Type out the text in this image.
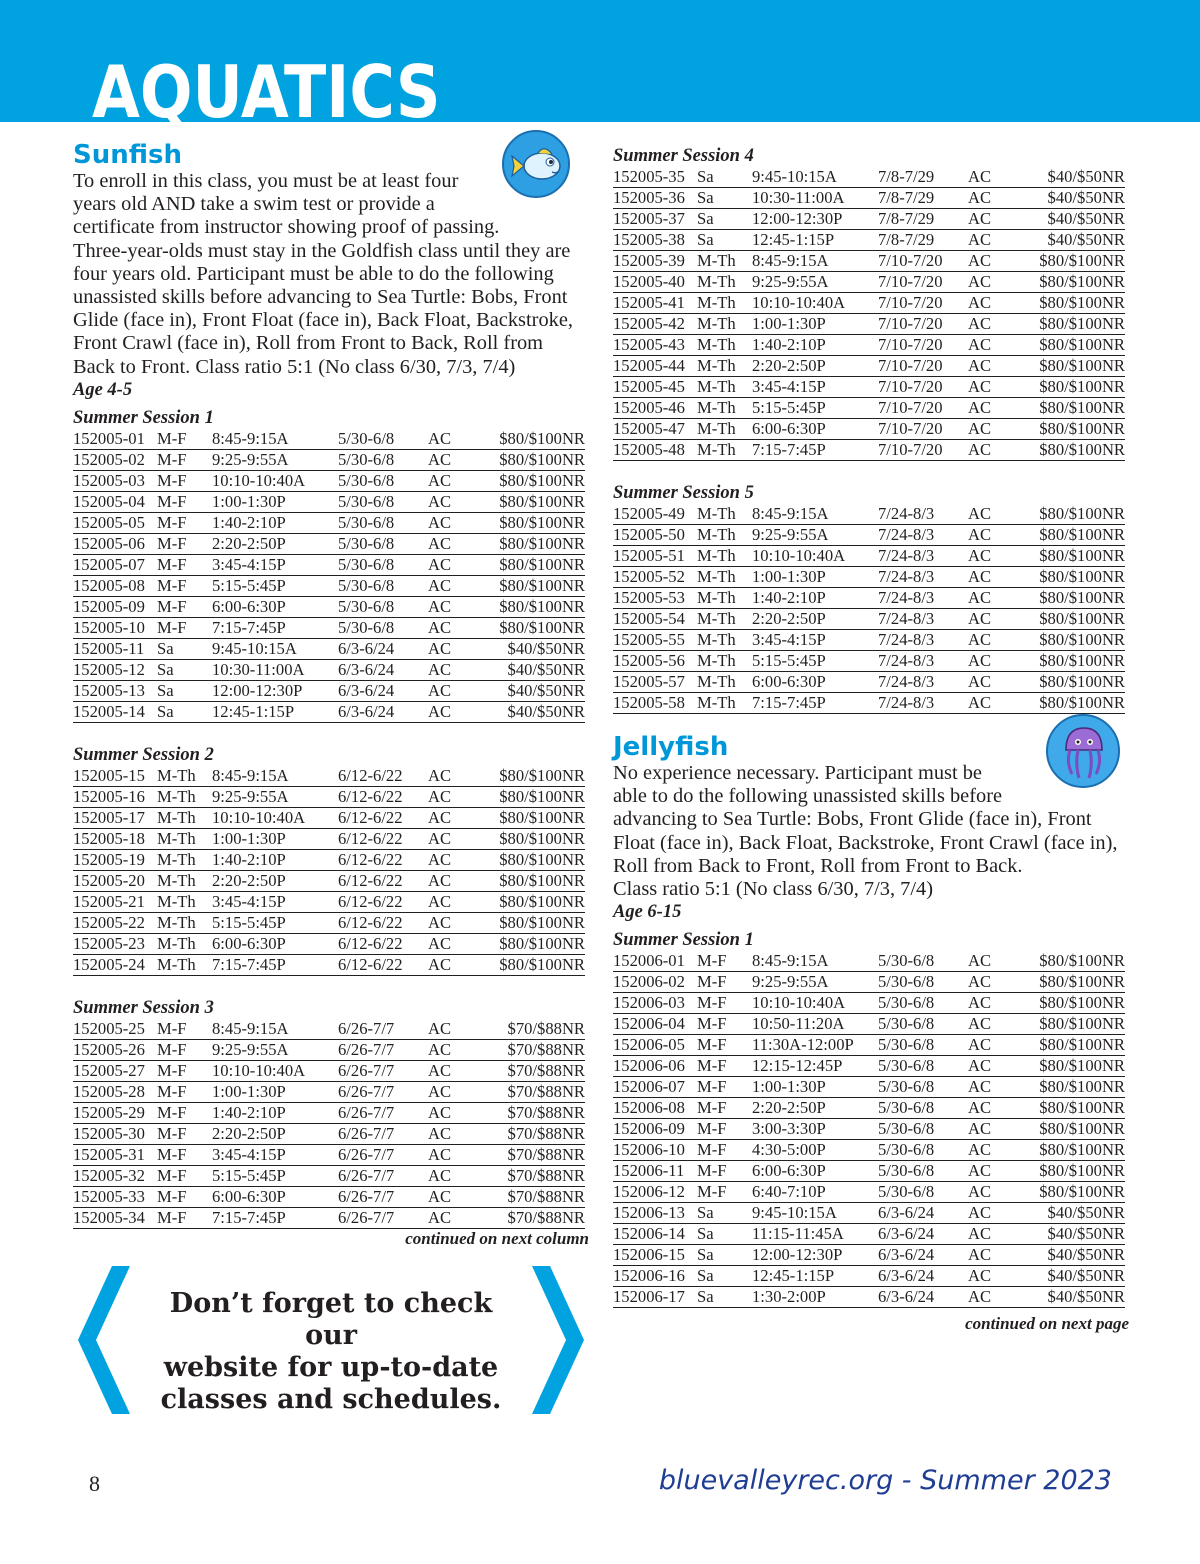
AQUATICS
Sunfish
To enroll in this class, you must be at least four
years old AND take a swim test or provide a
certificate from instructor showing proof of passing.
Three-year-olds must stay in the Goldfish class until they are
four years old. Participant must be able to do the following
unassisted skills before advancing to Sea Turtle: Bobs, Front
Glide (face in), Front Float (face in), Back Float, Backstroke,
Front Crawl (face in), Roll from Front to Back, Roll from
Back to Front. Class ratio 5:1 (No class 6/30, 7/3, 7/4)
Age 4-5
Summer Session 1
152005-01	M-F	8:45-9:15A	5/30-6/8	AC	$80/$100NR
152005-02	M-F	9:25-9:55A	5/30-6/8	AC	$80/$100NR
152005-03	M-F	10:10-10:40A	5/30-6/8	AC	$80/$100NR
152005-04	M-F	1:00-1:30P	5/30-6/8	AC	$80/$100NR
152005-05	M-F	1:40-2:10P	5/30-6/8	AC	$80/$100NR
152005-06	M-F	2:20-2:50P	5/30-6/8	AC	$80/$100NR
152005-07	M-F	3:45-4:15P	5/30-6/8	AC	$80/$100NR
152005-08	M-F	5:15-5:45P	5/30-6/8	AC	$80/$100NR
152005-09	M-F	6:00-6:30P	5/30-6/8	AC	$80/$100NR
152005-10	M-F	7:15-7:45P	5/30-6/8	AC	$80/$100NR
152005-11	Sa	9:45-10:15A	6/3-6/24	AC	$40/$50NR
152005-12	Sa	10:30-11:00A	6/3-6/24	AC	$40/$50NR
152005-13	Sa	12:00-12:30P	6/3-6/24	AC	$40/$50NR
152005-14	Sa	12:45-1:15P	6/3-6/24	AC	$40/$50NR
Summer Session 2
152005-15	M-Th	8:45-9:15A	6/12-6/22	AC	$80/$100NR
152005-16	M-Th	9:25-9:55A	6/12-6/22	AC	$80/$100NR
152005-17	M-Th	10:10-10:40A	6/12-6/22	AC	$80/$100NR
152005-18	M-Th	1:00-1:30P	6/12-6/22	AC	$80/$100NR
152005-19	M-Th	1:40-2:10P	6/12-6/22	AC	$80/$100NR
152005-20	M-Th	2:20-2:50P	6/12-6/22	AC	$80/$100NR
152005-21	M-Th	3:45-4:15P	6/12-6/22	AC	$80/$100NR
152005-22	M-Th	5:15-5:45P	6/12-6/22	AC	$80/$100NR
152005-23	M-Th	6:00-6:30P	6/12-6/22	AC	$80/$100NR
152005-24	M-Th	7:15-7:45P	6/12-6/22	AC	$80/$100NR
Summer Session 3
152005-25	M-F	8:45-9:15A	6/26-7/7	AC	$70/$88NR
152005-26	M-F	9:25-9:55A	6/26-7/7	AC	$70/$88NR
152005-27	M-F	10:10-10:40A	6/26-7/7	AC	$70/$88NR
152005-28	M-F	1:00-1:30P	6/26-7/7	AC	$70/$88NR
152005-29	M-F	1:40-2:10P	6/26-7/7	AC	$70/$88NR
152005-30	M-F	2:20-2:50P	6/26-7/7	AC	$70/$88NR
152005-31	M-F	3:45-4:15P	6/26-7/7	AC	$70/$88NR
152005-32	M-F	5:15-5:45P	6/26-7/7	AC	$70/$88NR
152005-33	M-F	6:00-6:30P	6/26-7/7	AC	$70/$88NR
152005-34	M-F	7:15-7:45P	6/26-7/7	AC	$70/$88NR
continued on next column
Summer Session 4
152005-35	Sa	9:45-10:15A	7/8-7/29	AC	$40/$50NR
152005-36	Sa	10:30-11:00A	7/8-7/29	AC	$40/$50NR
152005-37	Sa	12:00-12:30P	7/8-7/29	AC	$40/$50NR
152005-38	Sa	12:45-1:15P	7/8-7/29	AC	$40/$50NR
152005-39	M-Th	8:45-9:15A	7/10-7/20	AC	$80/$100NR
152005-40	M-Th	9:25-9:55A	7/10-7/20	AC	$80/$100NR
152005-41	M-Th	10:10-10:40A	7/10-7/20	AC	$80/$100NR
152005-42	M-Th	1:00-1:30P	7/10-7/20	AC	$80/$100NR
152005-43	M-Th	1:40-2:10P	7/10-7/20	AC	$80/$100NR
152005-44	M-Th	2:20-2:50P	7/10-7/20	AC	$80/$100NR
152005-45	M-Th	3:45-4:15P	7/10-7/20	AC	$80/$100NR
152005-46	M-Th	5:15-5:45P	7/10-7/20	AC	$80/$100NR
152005-47	M-Th	6:00-6:30P	7/10-7/20	AC	$80/$100NR
152005-48	M-Th	7:15-7:45P	7/10-7/20	AC	$80/$100NR
Summer Session 5
152005-49	M-Th	8:45-9:15A	7/24-8/3	AC	$80/$100NR
152005-50	M-Th	9:25-9:55A	7/24-8/3	AC	$80/$100NR
152005-51	M-Th	10:10-10:40A	7/24-8/3	AC	$80/$100NR
152005-52	M-Th	1:00-1:30P	7/24-8/3	AC	$80/$100NR
152005-53	M-Th	1:40-2:10P	7/24-8/3	AC	$80/$100NR
152005-54	M-Th	2:20-2:50P	7/24-8/3	AC	$80/$100NR
152005-55	M-Th	3:45-4:15P	7/24-8/3	AC	$80/$100NR
152005-56	M-Th	5:15-5:45P	7/24-8/3	AC	$80/$100NR
152005-57	M-Th	6:00-6:30P	7/24-8/3	AC	$80/$100NR
152005-58	M-Th	7:15-7:45P	7/24-8/3	AC	$80/$100NR
Jellyfish
No experience necessary. Participant must be
able to do the following unassisted skills before
advancing to Sea Turtle: Bobs, Front Glide (face in), Front
Float (face in), Back Float, Backstroke, Front Crawl (face in),
Roll from Back to Front, Roll from Front to Back.
Class ratio 5:1 (No class 6/30, 7/3, 7/4)
Age 6-15
Summer Session 1
152006-01	M-F	8:45-9:15A	5/30-6/8	AC	$80/$100NR
152006-02	M-F	9:25-9:55A	5/30-6/8	AC	$80/$100NR
152006-03	M-F	10:10-10:40A	5/30-6/8	AC	$80/$100NR
152006-04	M-F	10:50-11:20A	5/30-6/8	AC	$80/$100NR
152006-05	M-F	11:30A-12:00P	5/30-6/8	AC	$80/$100NR
152006-06	M-F	12:15-12:45P	5/30-6/8	AC	$80/$100NR
152006-07	M-F	1:00-1:30P	5/30-6/8	AC	$80/$100NR
152006-08	M-F	2:20-2:50P	5/30-6/8	AC	$80/$100NR
152006-09	M-F	3:00-3:30P	5/30-6/8	AC	$80/$100NR
152006-10	M-F	4:30-5:00P	5/30-6/8	AC	$80/$100NR
152006-11	M-F	6:00-6:30P	5/30-6/8	AC	$80/$100NR
152006-12	M-F	6:40-7:10P	5/30-6/8	AC	$80/$100NR
152006-13	Sa	9:45-10:15A	6/3-6/24	AC	$40/$50NR
152006-14	Sa	11:15-11:45A	6/3-6/24	AC	$40/$50NR
152006-15	Sa	12:00-12:30P	6/3-6/24	AC	$40/$50NR
152006-16	Sa	12:45-1:15P	6/3-6/24	AC	$40/$50NR
152006-17	Sa	1:30-2:00P	6/3-6/24	AC	$40/$50NR
continued on next page
Don’t forget to check our
website for up-to-date
classes and schedules.
8	bluevalleyrec.org - Summer 2023
